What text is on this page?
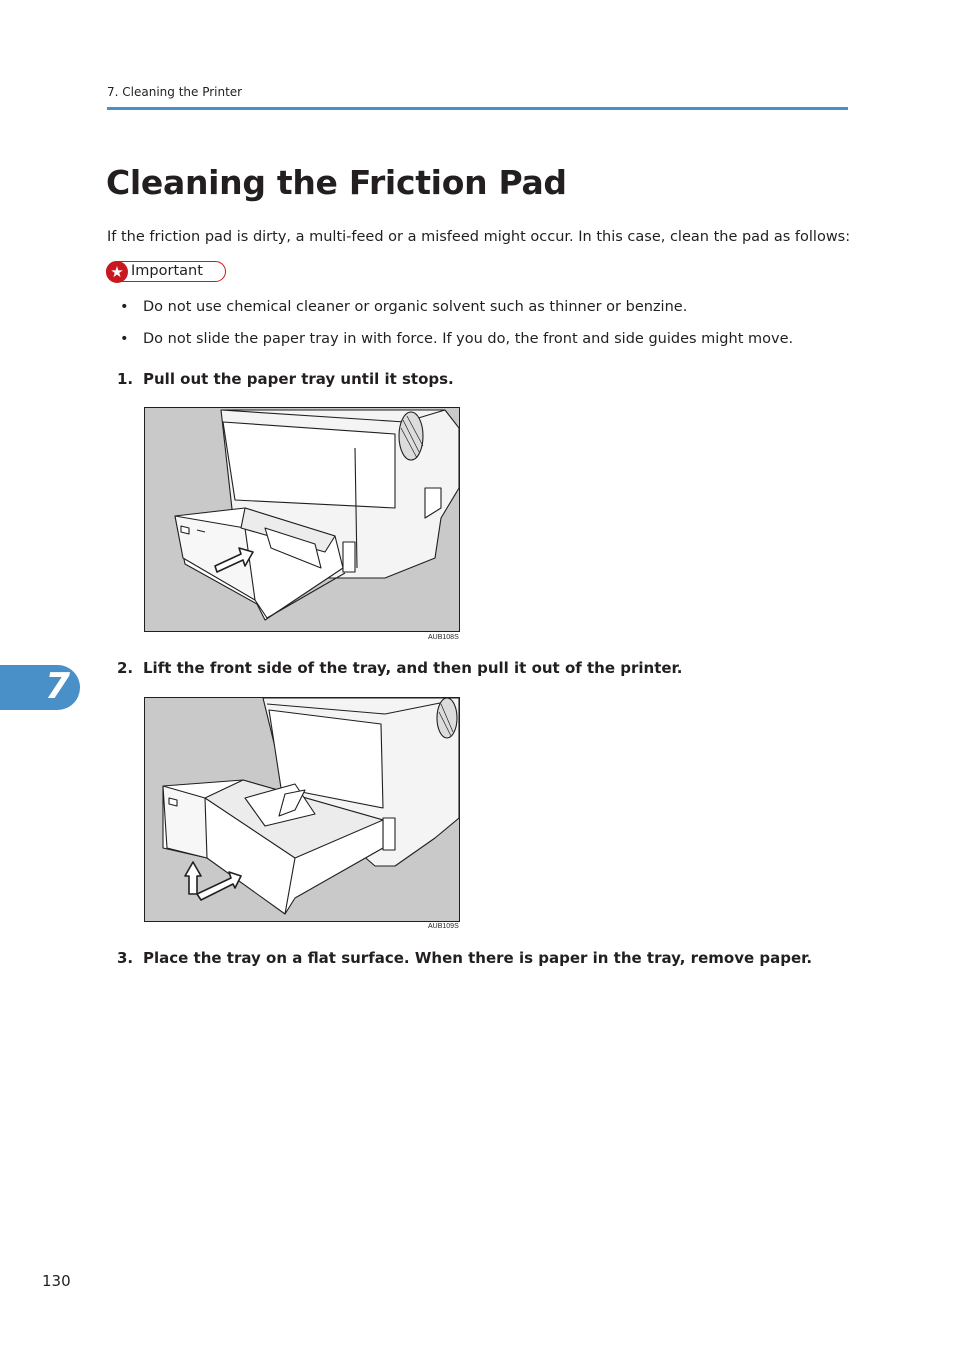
7. Cleaning the Printer
Cleaning the Friction Pad

If the friction pad is dirty, a multi-feed or a misfeed might occur. In this case, clean the pad as follows:

★ Important
• Do not use chemical cleaner or organic solvent such as thinner or benzine.
• Do not slide the paper tray in with force. If you do, the front and side guides might move.
1. Pull out the paper tray until it stops.
AUB108S
2. Lift the front side of the tray, and then pull it out of the printer.
AUB109S
3. Place the tray on a flat surface. When there is paper in the tray, remove paper.
7
130
